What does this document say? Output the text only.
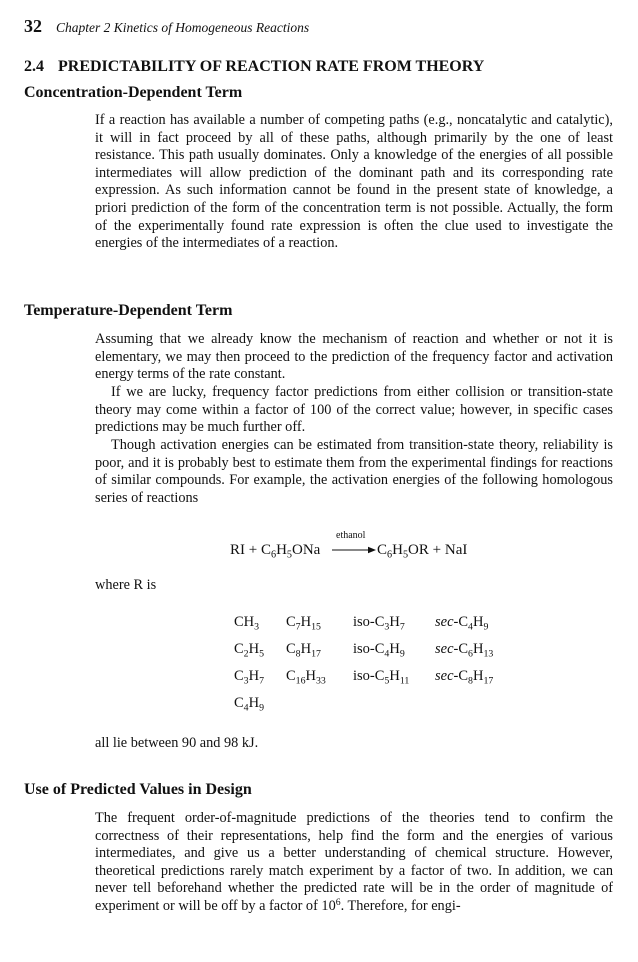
32 Chapter 2 Kinetics of Homogeneous Reactions
2.4 PREDICTABILITY OF REACTION RATE FROM THEORY
Concentration-Dependent Term

If a reaction has available a number of competing paths (e.g., noncatalytic and catalytic), it will in fact proceed by all of these paths, although primarily by the one of least resistance. This path usually dominates. Only a knowledge of the energies of all possible intermediates will allow prediction of the dominant path and its corresponding rate expression. As such information cannot be found in the present state of knowledge, a priori prediction of the form of the concentration term is not possible. Actually, the form of the experimentally found rate expression is often the clue used to investigate the energies of the intermediates of a reaction.

Temperature-Dependent Term

Assuming that we already know the mechanism of reaction and whether or not it is elementary, we may then proceed to the prediction of the frequency factor and activation energy terms of the rate constant.

If we are lucky, frequency factor predictions from either collision or transition-state theory may come within a factor of 100 of the correct value; however, in specific cases predictions may be much further off.

Though activation energies can be estimated from transition-state theory, reliability is poor, and it is probably best to estimate them from the experimental findings for reactions of similar compounds. For example, the activation energies of the following homologous series of reactions

RI + $C_6H_5ONa$
ethanol
→ $C_6H_5OR$ + NaI
where R is
$CH_3$	$C_7H_{15}$	iso-$C_3H_7$	$\sec-C_4H_9$
$C_2H_5$	$C_8H_{17}$	iso-$C_4H_9$	$\sec-C_6H_{13}$
$C_3H_7$	$C_{16}H_{33}$	iso-$C_5H_{11}$	$\sec-C_8H_{17}$
$C_4H_9$			
all lie between 90 and 98 kJ.
Use of Predicted Values in Design

The frequent order-of-magnitude predictions of the theories tend to confirm the correctness of their representations, help find the form and the energies of various intermediates, and give us a better understanding of chemical structure. However, theoretical predictions rarely match experiment by a factor of two. In addition, we can never tell beforehand whether the predicted rate will be in the order of magnitude of experiment or will be off by a factor of $10^6$. Therefore, for engi-
